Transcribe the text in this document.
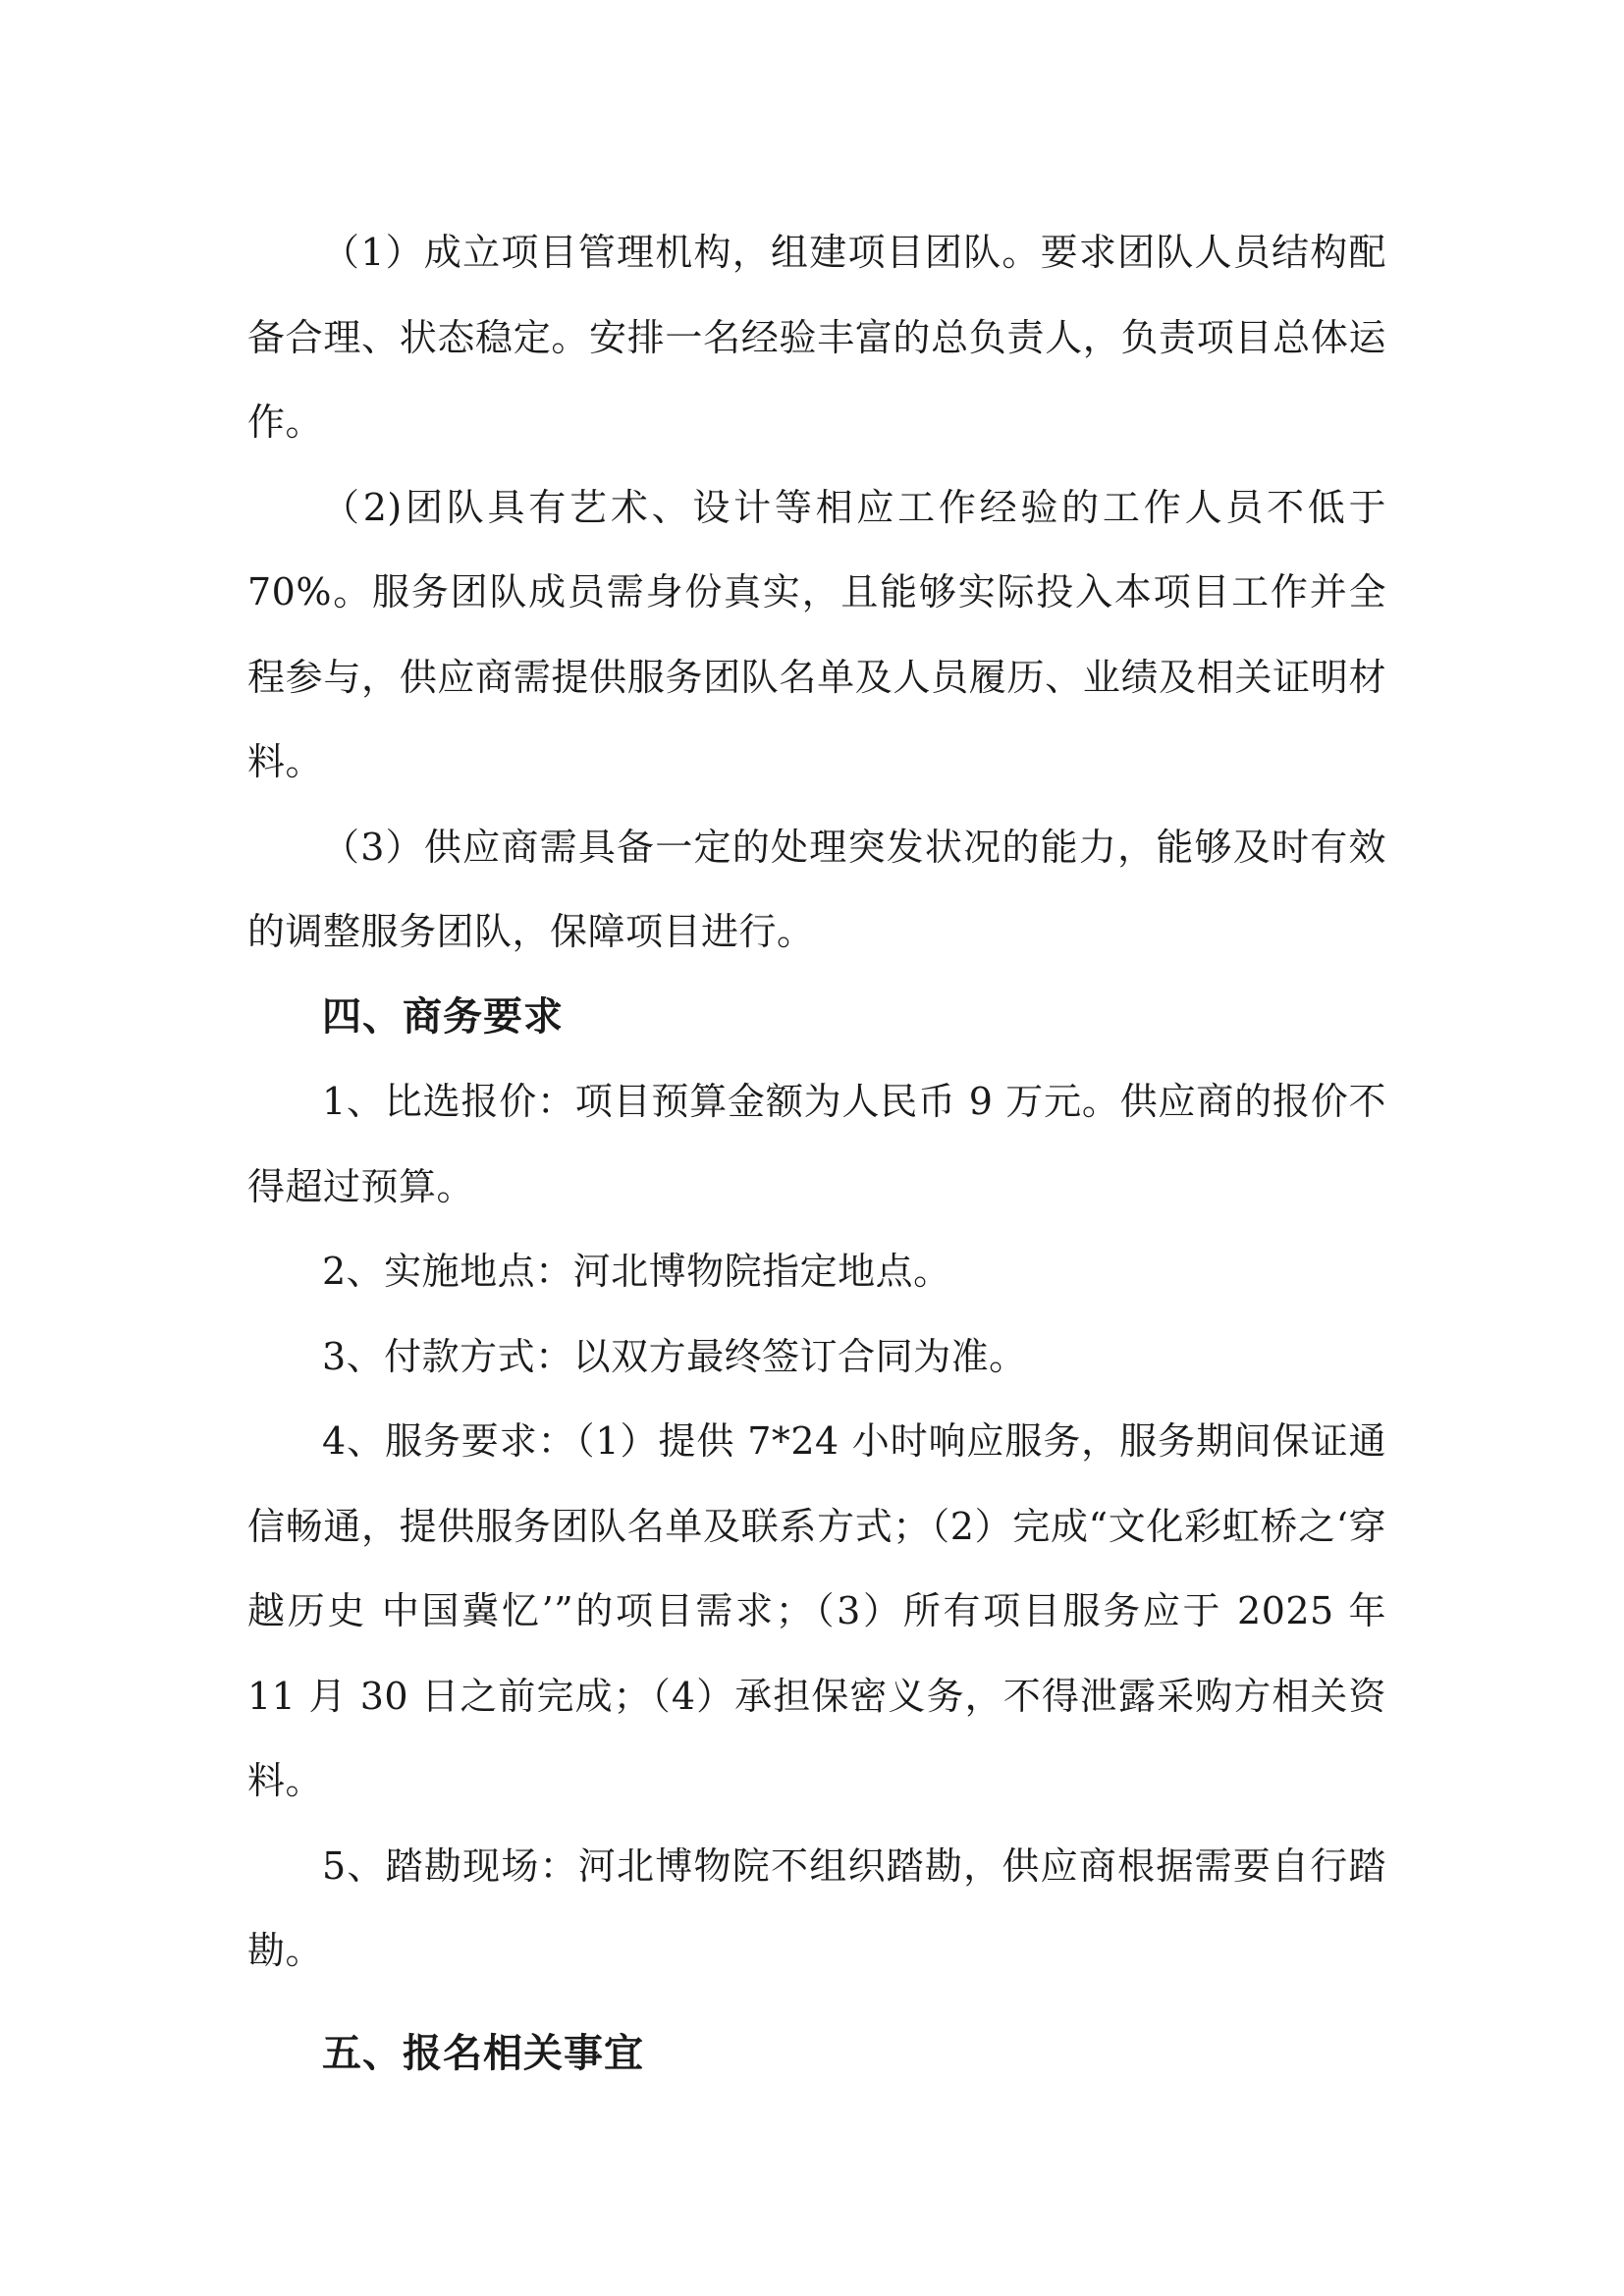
（1）成立项目管理机构，组建项目团队。要求团队人员结构配备合理、状态稳定。安排一名经验丰富的总负责人，负责项目总体运作。

（2)团队具有艺术、设计等相应工作经验的工作人员不低于70%。服务团队成员需身份真实，且能够实际投入本项目工作并全程参与，供应商需提供服务团队名单及人员履历、业绩及相关证明材料。

（3）供应商需具备一定的处理突发状况的能力，能够及时有效的调整服务团队，保障项目进行。

四、商务要求

1、比选报价：项目预算金额为人民币 9 万元。供应商的报价不得超过预算。

2、实施地点：河北博物院指定地点。

3、付款方式：以双方最终签订合同为准。

4、服务要求：（1）提供 7*24 小时响应服务，服务期间保证通信畅通，提供服务团队名单及联系方式；（2）完成“文化彩虹桥之‘穿越历史 中国冀忆’”的项目需求；（3）所有项目服务应于 2025 年 11 月 30 日之前完成；（4）承担保密义务，不得泄露采购方相关资料。

5、踏勘现场：河北博物院不组织踏勘，供应商根据需要自行踏勘。

五、报名相关事宜
